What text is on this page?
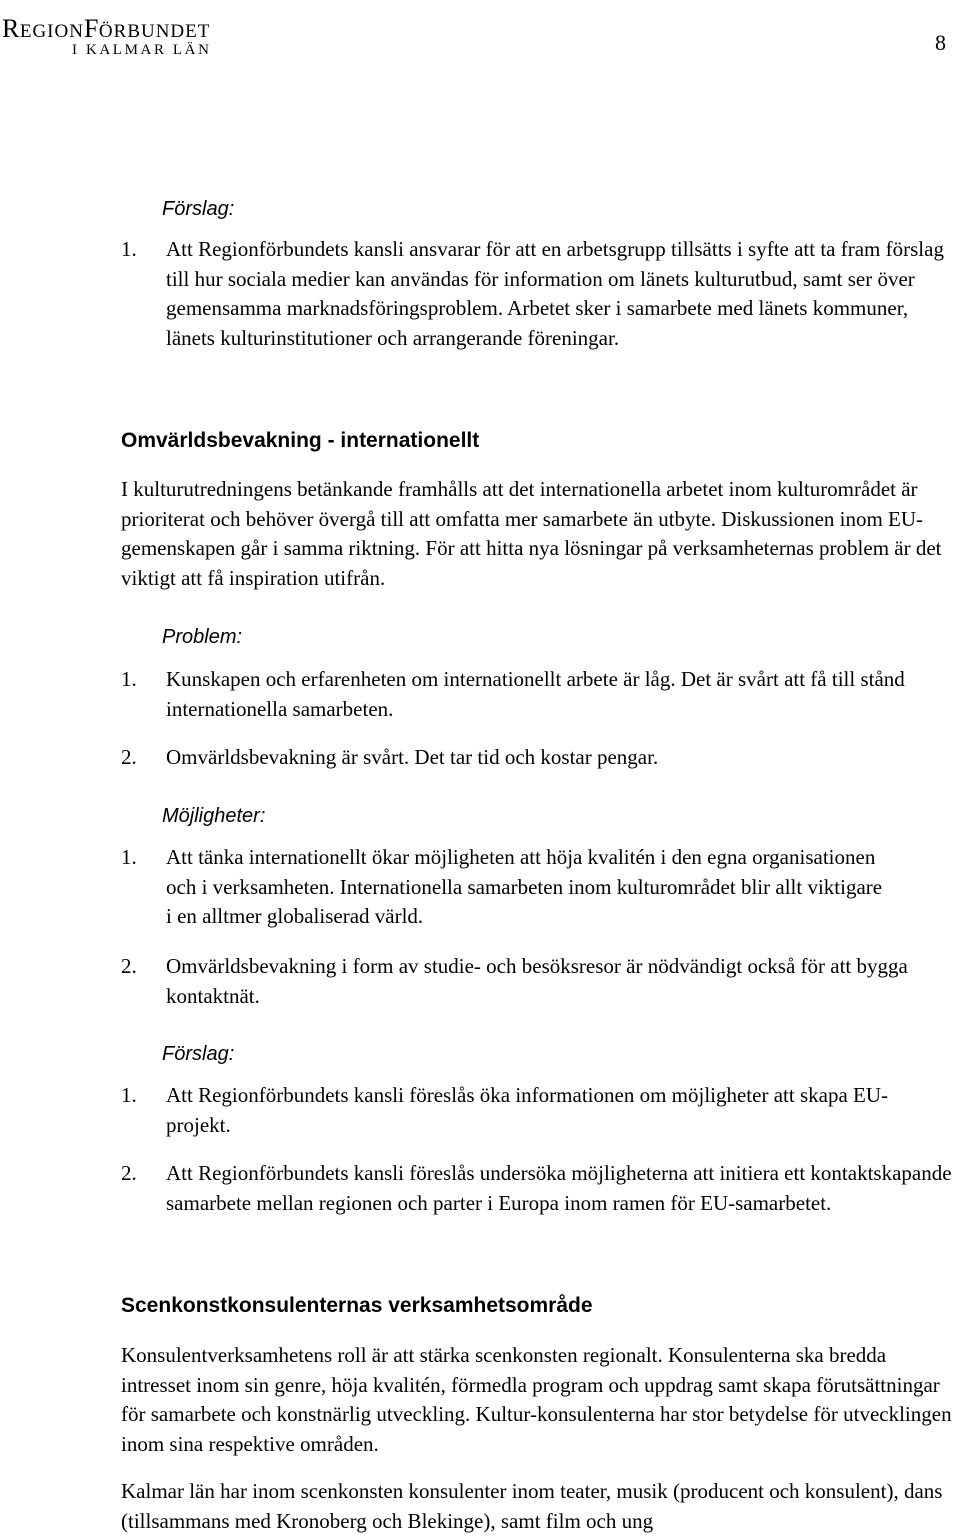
REGIONFÖRBUNDET
I KALMAR LÄN	8
Förslag:
1. Att Regionförbundets kansli ansvarar för att en arbetsgrupp tillsätts i syfte att ta fram förslag till hur sociala medier kan användas för information om länets kulturutbud, samt ser över gemensamma marknadsföringsproblem. Arbetet sker i samarbete med länets kommuner, länets kulturinstitutioner och arrangerande föreningar.
Omvärldsbevakning - internationellt
I kulturutredningens betänkande framhålls att det internationella arbetet inom kulturområdet är prioriterat och behöver övergå till att omfatta mer samarbete än utbyte. Diskussionen inom EU-gemenskapen går i samma riktning. För att hitta nya lösningar på verksamheternas problem är det viktigt att få inspiration utifrån.
Problem:
1. Kunskapen och erfarenheten om internationellt arbete är låg. Det är svårt att få till stånd internationella samarbeten.
2. Omvärldsbevakning är svårt. Det tar tid och kostar pengar.
Möjligheter:
1. Att tänka internationellt ökar möjligheten att höja kvalitén i den egna organisationen och i verksamheten. Internationella samarbeten inom kulturområdet blir allt viktigare i en alltmer globaliserad värld.
2. Omvärldsbevakning i form av studie- och besöksresor är nödvändigt också för att bygga kontaktnät.
Förslag:
1. Att Regionförbundets kansli föreslås öka informationen om möjligheter att skapa EU-projekt.
2. Att Regionförbundets kansli föreslås undersöka möjligheterna att initiera ett kontaktskapande samarbete mellan regionen och parter i Europa inom ramen för EU-samarbetet.
Scenkonstkonsulenternas verksamhetsområde
Konsulentverksamhetens roll är att stärka scenkonsten regionalt. Konsulenterna ska bredda intresset inom sin genre, höja kvalitén, förmedla program och uppdrag samt skapa förutsättningar för samarbete och konstnärlig utveckling. Kultur-konsulenterna har stor betydelse för utvecklingen inom sina respektive områden.
Kalmar län har inom scenkonsten konsulenter inom teater, musik (producent och konsulent), dans (tillsammans med Kronoberg och Blekinge), samt film och ung
